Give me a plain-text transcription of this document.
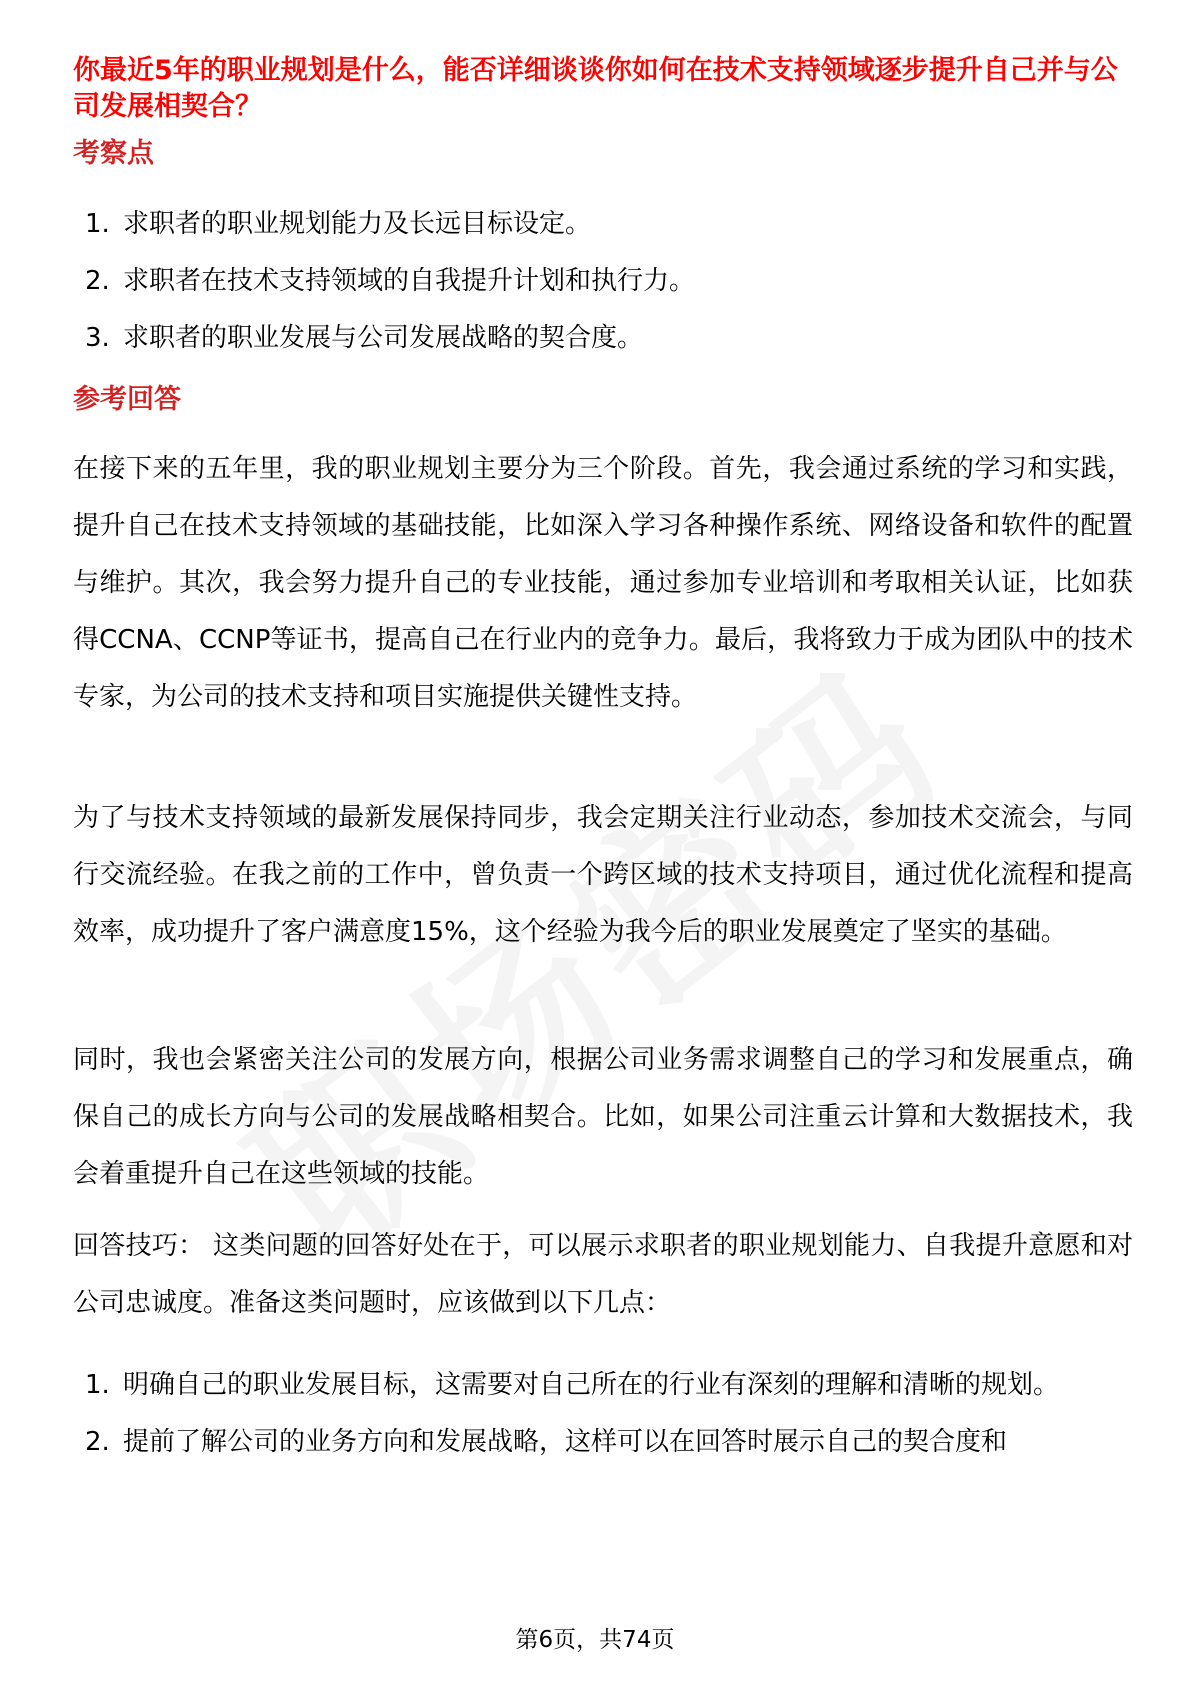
你最近5年的职业规划是什么，能否详细谈谈你如何在技术支持领域逐步提升自己并与公司发展相契合？
考察点
1. 求职者的职业规划能力及长远目标设定。
2. 求职者在技术支持领域的自我提升计划和执行力。
3. 求职者的职业发展与公司发展战略的契合度。
参考回答

在接下来的五年里，我的职业规划主要分为三个阶段。首先，我会通过系统的学习和实践，提升自己在技术支持领域的基础技能，比如深入学习各种操作系统、网络设备和软件的配置与维护。其次，我会努力提升自己的专业技能，通过参加专业培训和考取相关认证，比如获得CCNA、CCNP等证书，提高自己在行业内的竞争力。最后，我将致力于成为团队中的技术专家，为公司的技术支持和项目实施提供关键性支持。

为了与技术支持领域的最新发展保持同步，我会定期关注行业动态，参加技术交流会，与同行交流经验。在我之前的工作中，曾负责一个跨区域的技术支持项目，通过优化流程和提高效率，成功提升了客户满意度15%，这个经验为我今后的职业发展奠定了坚实的基础。

同时，我也会紧密关注公司的发展方向，根据公司业务需求调整自己的学习和发展重点，确保自己的成长方向与公司的发展战略相契合。比如，如果公司注重云计算和大数据技术，我会着重提升自己在这些领域的技能。

回答技巧： 这类问题的回答好处在于，可以展示求职者的职业规划能力、自我提升意愿和对公司忠诚度。准备这类问题时，应该做到以下几点：

1. 明确自己的职业发展目标，这需要对自己所在的行业有深刻的理解和清晰的规划。
2. 提前了解公司的业务方向和发展战略，这样可以在回答时展示自己的契合度和
第6页，共74页
